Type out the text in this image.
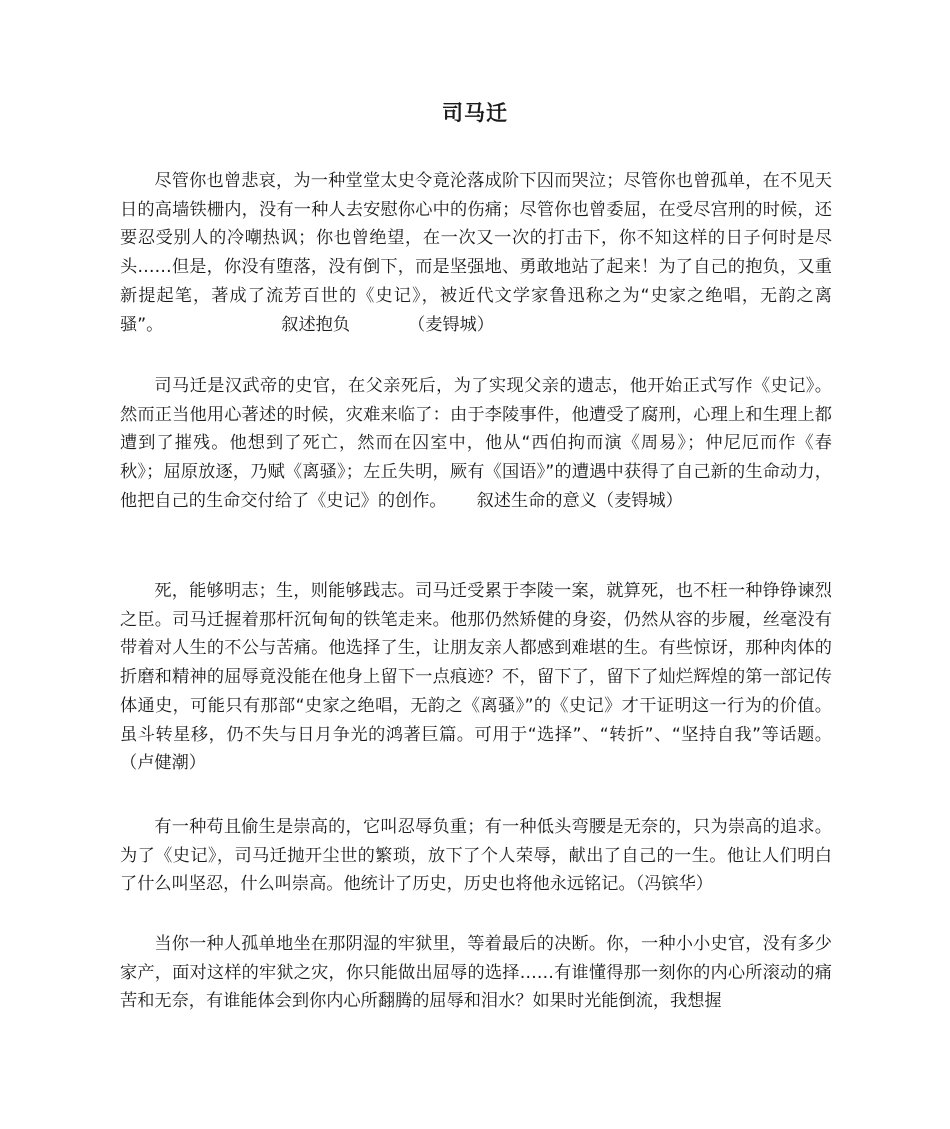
司马迁

尽管你也曾悲哀，为一种堂堂太史令竟沦落成阶下囚而哭泣；尽管你也曾孤单，在不见天日的高墙铁栅内，没有一种人去安慰你心中的伤痛；尽管你也曾委屈，在受尽宫刑的时候，还要忍受别人的冷嘲热讽；你也曾绝望，在一次又一次的打击下，你不知这样的日子何时是尽头……但是，你没有堕落，没有倒下，而是坚强地、勇敢地站了起来！为了自己的抱负，又重新提起笔，著成了流芳百世的《史记》，被近代文学家鲁迅称之为“史家之绝唱，无韵之离骚”。	叙述抱负	（麦锝城）

司马迁是汉武帝的史官，在父亲死后，为了实现父亲的遗志，他开始正式写作《史记》。然而正当他用心著述的时候，灾难来临了：由于李陵事件，他遭受了腐刑，心理上和生理上都遭到了摧残。他想到了死亡，然而在囚室中，他从“西伯拘而演《周易》；仲尼厄而作《春秋》；屈原放逐，乃赋《离骚》；左丘失明，厥有《国语》”的遭遇中获得了自己新的生命动力，他把自己的生命交付给了《史记》的创作。 叙述生命的意义（麦锝城）

死，能够明志；生，则能够践志。司马迁受累于李陵一案，就算死，也不枉一种铮铮谏烈之臣。司马迁握着那杆沉甸甸的铁笔走来。他那仍然矫健的身姿，仍然从容的步履，丝毫没有带着对人生的不公与苦痛。他选择了生，让朋友亲人都感到难堪的生。有些惊讶，那种肉体的折磨和精神的屈辱竟没能在他身上留下一点痕迹？不，留下了，留下了灿烂辉煌的第一部记传体通史，可能只有那部“史家之绝唱，无韵之《离骚》”的《史记》才干证明这一行为的价值。虽斗转星移，仍不失与日月争光的鸿著巨篇。可用于“选择”、“转折”、“坚持自我”等话题。（卢健潮）

有一种苟且偷生是崇高的，它叫忍辱负重；有一种低头弯腰是无奈的，只为崇高的追求。为了《史记》，司马迁抛开尘世的繁琐，放下了个人荣辱，献出了自己的一生。他让人们明白了什么叫坚忍，什么叫崇高。他统计了历史，历史也将他永远铭记。（冯镔华）

当你一种人孤单地坐在那阴湿的牢狱里，等着最后的决断。你，一种小小史官，没有多少家产，面对这样的牢狱之灾，你只能做出屈辱的选择……有谁懂得那一刻你的内心所滚动的痛苦和无奈，有谁能体会到你内心所翻腾的屈辱和泪水？如果时光能倒流，我想握
